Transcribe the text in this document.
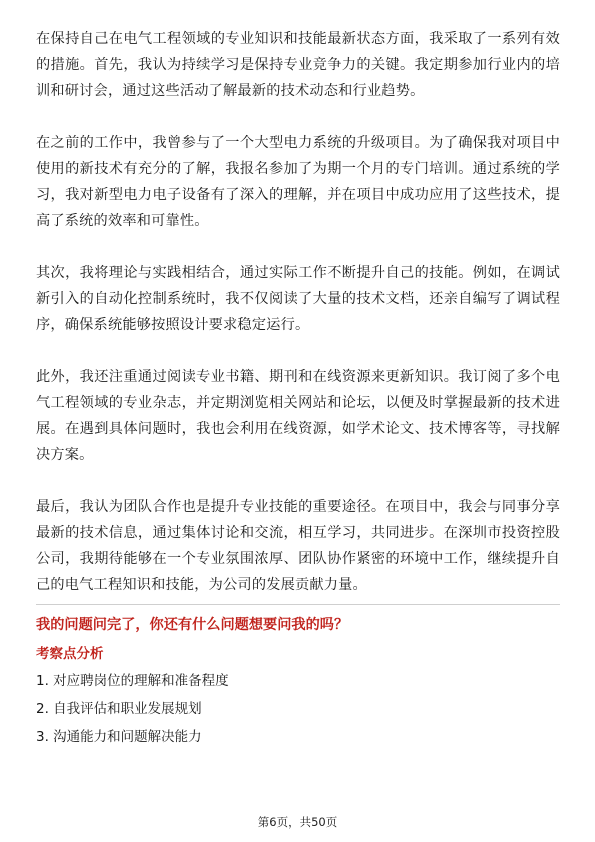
在保持自己在电气工程领域的专业知识和技能最新状态方面，我采取了一系列有效的措施。首先，我认为持续学习是保持专业竞争力的关键。我定期参加行业内的培训和研讨会，通过这些活动了解最新的技术动态和行业趋势。

在之前的工作中，我曾参与了一个大型电力系统的升级项目。为了确保我对项目中使用的新技术有充分的了解，我报名参加了为期一个月的专门培训。通过系统的学习，我对新型电力电子设备有了深入的理解，并在项目中成功应用了这些技术，提高了系统的效率和可靠性。

其次，我将理论与实践相结合，通过实际工作不断提升自己的技能。例如，在调试新引入的自动化控制系统时，我不仅阅读了大量的技术文档，还亲自编写了调试程序，确保系统能够按照设计要求稳定运行。

此外，我还注重通过阅读专业书籍、期刊和在线资源来更新知识。我订阅了多个电气工程领域的专业杂志，并定期浏览相关网站和论坛，以便及时掌握最新的技术进展。在遇到具体问题时，我也会利用在线资源，如学术论文、技术博客等，寻找解决方案。

最后，我认为团队合作也是提升专业技能的重要途径。在项目中，我会与同事分享最新的技术信息，通过集体讨论和交流，相互学习，共同进步。在深圳市投资控股公司，我期待能够在一个专业氛围浓厚、团队协作紧密的环境中工作，继续提升自己的电气工程知识和技能，为公司的发展贡献力量。

我的问题问完了，你还有什么问题想要问我的吗？
考察点分析
1. 对应聘岗位的理解和准备程度
2. 自我评估和职业发展规划
3. 沟通能力和问题解决能力
第6页，共50页
